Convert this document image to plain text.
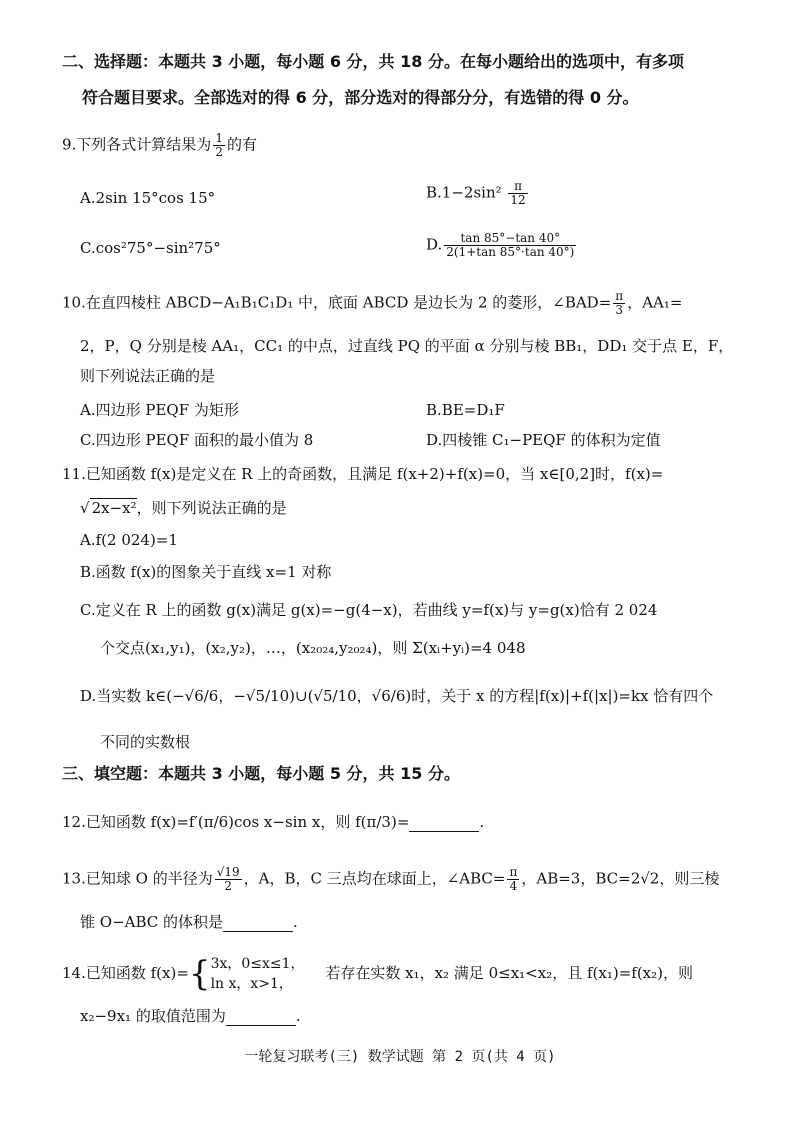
二、选择题：本题共 3 小题，每小题 6 分，共 18 分。在每小题给出的选项中，有多项
符合题目要求。全部选对的得 6 分，部分选对的得部分分，有选错的得 0 分。
9.下列各式计算结果为 $\frac{1}{2}$ 的有
A.2sin 15°cos 15°	$B.1-2\sin^2 \frac{\pi}{12}$
C.cos²75°−sin²75°	D. $\frac{\tan 85^\circ-\tan 40^\circ}{2(1+\tan 85^\circ\cdot\tan 40^\circ)}$
10.在直四棱柱 ABCD−A₁B₁C₁D₁ 中，底面 ABCD 是边长为 2 的菱形，∠BAD= $\frac{\pi}{3}$ ，AA₁=
2，P，Q 分别是棱 AA₁，CC₁ 的中点，过直线 PQ 的平面 α 分别与棱 BB₁，DD₁ 交于点 E，F，
则下列说法正确的是
A.四边形 PEQF 为矩形	B.BE=D₁F
C.四边形 PEQF 面积的最小值为 8	D.四棱锥 C₁−PEQF 的体积为定值
11.已知函数 f(x)是定义在 R 上的奇函数，且满足 f(x+2)+f(x)=0，当 x∈[0,2]时，f(x)=
√ 2x−x²，则下列说法正确的是
A.f(2 024)=1
B.函数 f(x)的图象关于直线 x=1 对称
C.定义在 R 上的函数 g(x)满足 g(x)=−g(4−x)，若曲线 y=f(x)与 y=g(x)恰有 2 024
个交点(x₁,y₁)，(x₂,y₂)，…，(x₂₀₂₄,y₂₀₂₄)，则 Σ(xᵢ+yᵢ)=4 048
D.当实数 k∈(−√6/6，−√5/10)∪(√5/10，√6/6)时，关于 x 的方程|f(x)|+f(|x|)=kx 恰有四个
不同的实数根
三、填空题：本题共 3 小题，每小题 5 分，共 15 分。
12.已知函数 f(x)=f′(π/6)cos x−sin x，则 f(π/3)=	.
13.已知球 O 的半径为 $\frac{√19}{2}$ ，A，B，C 三点均在球面上，∠ABC= $\frac{\pi}{4}$ ，AB=3，BC=2√2，则三棱
锥 O−ABC 的体积是	.
14.已知函数 f(x)={ 3x，0≤x≤1，
ln x，x>1，
若存在实数 x₁，x₂ 满足 0≤x₁<x₂，且 f(x₁)=f(x₂)，则
x₂−9x₁ 的取值范围为	.
一轮复习联考(三) 数学试题 第 2 页(共 4 页)
